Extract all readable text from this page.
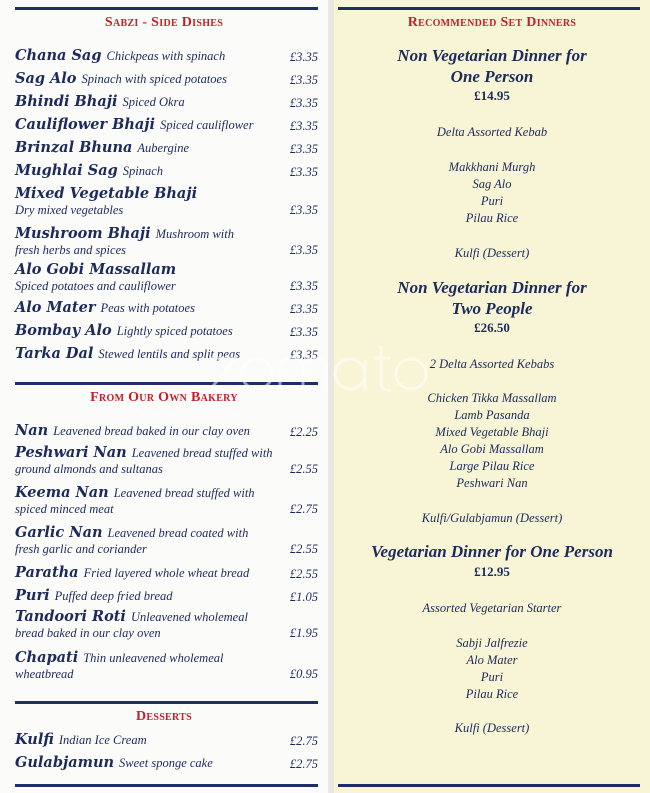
Sabzi - Side Dishes
Chana Sag Chickpeas with spinach	£3.35
Sag Alo Spinach with spiced potatoes	£3.35
Bhindi Bhaji Spiced Okra	£3.35
Cauliflower Bhaji Spiced cauliflower	£3.35
Brinzal Bhuna Aubergine	£3.35
Mughlai Sag Spinach	£3.35
Mixed Vegetable Bhaji
Dry mixed vegetables	£3.35
Mushroom Bhaji Mushroom with
fresh herbs and spices	£3.35
Alo Gobi Massallam
Spiced potatoes and cauliflower	£3.35
Alo Mater Peas with potatoes	£3.35
Bombay Alo Lightly spiced potatoes	£3.35
Tarka Dal Stewed lentils and split peas	£3.35
From Our Own Bakery
Nan Leavened bread baked in our clay oven	£2.25
Peshwari Nan Leavened bread stuffed with
ground almonds and sultanas	£2.55
Keema Nan Leavened bread stuffed with
spiced minced meat	£2.75
Garlic Nan Leavened bread coated with
fresh garlic and coriander	£2.55
Paratha Fried layered whole wheat bread	£2.55
Puri Puffed deep fried bread	£1.05
Tandoori Roti Unleavened wholemeal
bread baked in our clay oven	£1.95
Chapati Thin unleavened wholemeal
wheatbread	£0.95
Desserts
Kulfi Indian Ice Cream	£2.75
Gulabjamun Sweet sponge cake	£2.75
Recommended Set Dinners
Non Vegetarian Dinner for
One Person
£14.95
Delta Assorted Kebab
Makkhani Murgh
Sag Alo
Puri
Pilau Rice
Kulfi (Dessert)
Non Vegetarian Dinner for
Two People
£26.50
2 Delta Assorted Kebabs
Chicken Tikka Massallam
Lamb Pasanda
Mixed Vegetable Bhaji
Alo Gobi Massallam
Large Pilau Rice
Peshwari Nan
Kulfi/Gulabjamun (Dessert)
Vegetarian Dinner for One Person
£12.95
Assorted Vegetarian Starter
Sabji Jalfrezie
Alo Mater
Puri
Pilau Rice
Kulfi (Dessert)
